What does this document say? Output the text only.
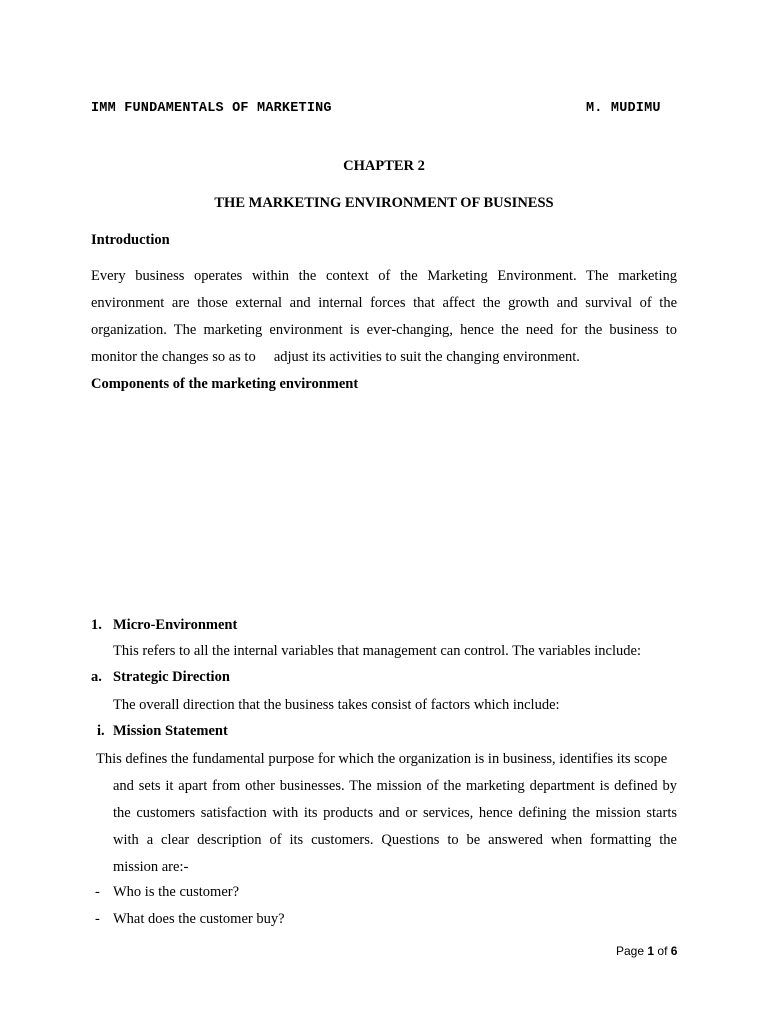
IMM FUNDAMENTALS OF MARKETING	M. MUDIMU
CHAPTER 2
THE MARKETING ENVIRONMENT OF BUSINESS
Introduction
Every business operates within the context of the Marketing Environment. The marketing
environment are those external and internal forces that affect the growth and survival of the
organization. The marketing environment is ever-changing, hence the need for the business to
monitor the changes so as to     adjust its activities to suit the changing environment.
Components of the marketing environment
1. Micro-Environment
This refers to all the internal variables that management can control. The variables include:
a. Strategic Direction
The overall direction that the business takes consist of factors which include:
i. Mission Statement
This defines the fundamental purpose for which the organization is in business, identifies its scope
and sets it apart from other businesses. The mission of the marketing department is defined by
the customers satisfaction with its products and or services, hence defining the mission starts
with a clear description of its customers. Questions to be answered when formatting the
mission are:-
- Who is the customer?
- What does the customer buy?
Page 1 of 6
